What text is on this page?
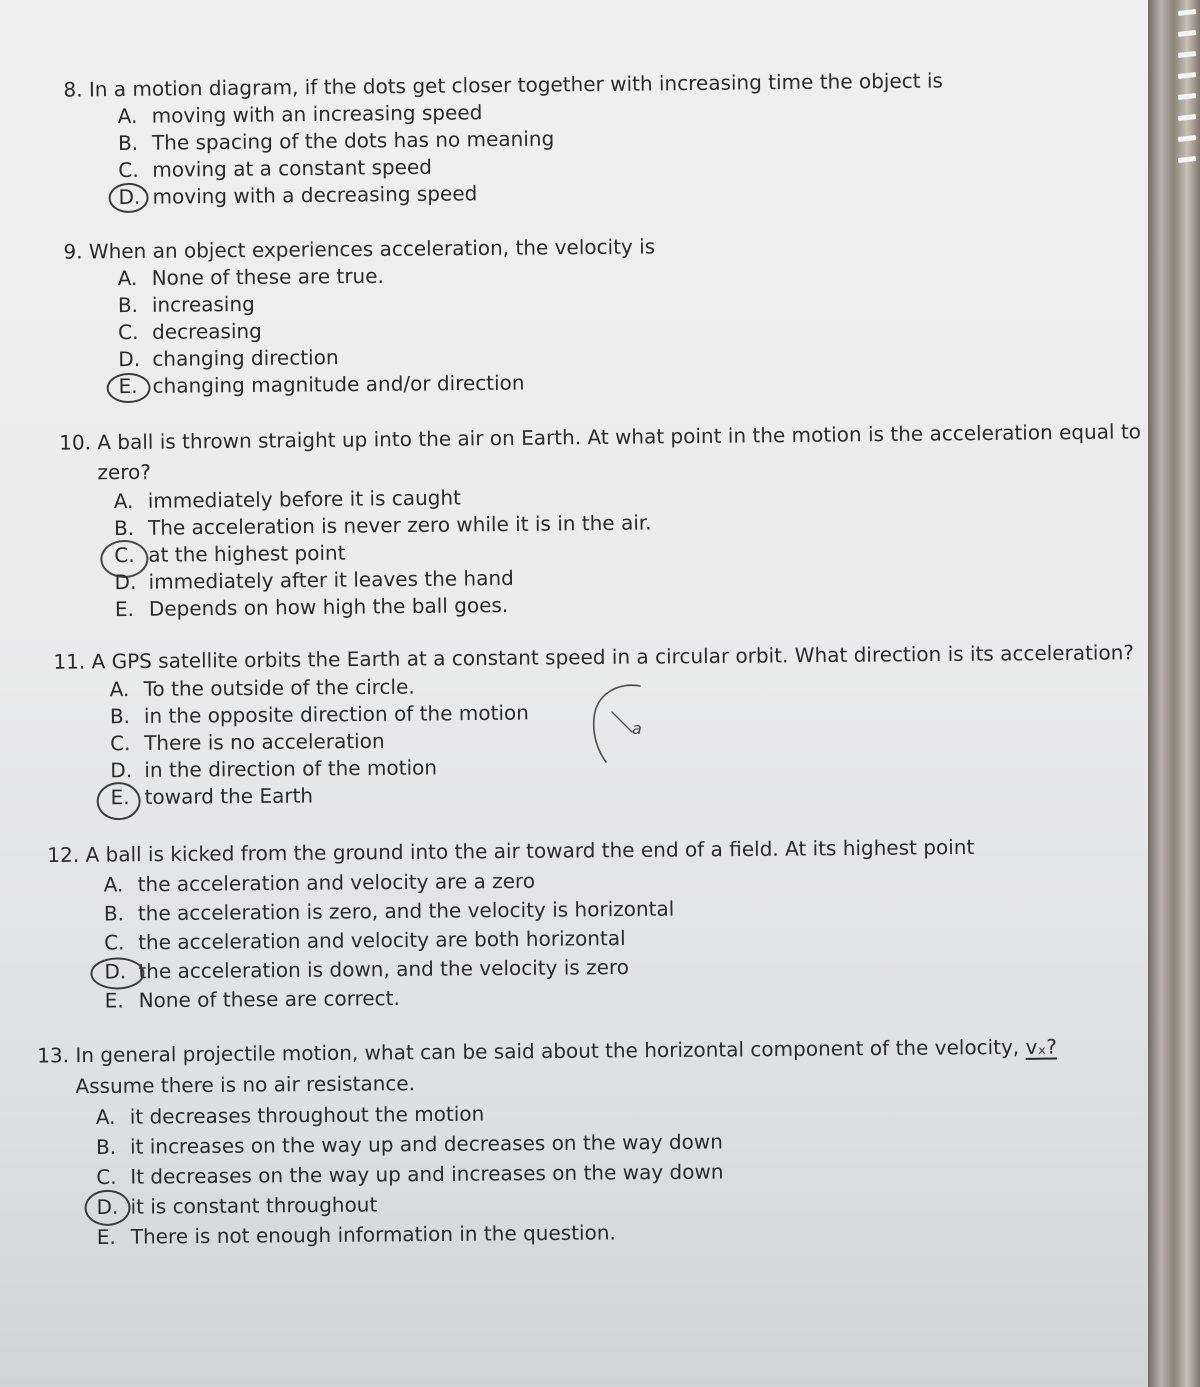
8. In a motion diagram, if the dots get closer together with increasing time the object is
A. moving with an increasing speed
B. The spacing of the dots has no meaning
C. moving at a constant speed
D. moving with a decreasing speed
9. When an object experiences acceleration, the velocity is
A. None of these are true.
B. increasing
C. decreasing
D. changing direction
E. changing magnitude and/or direction
10. A ball is thrown straight up into the air on Earth. At what point in the motion is the acceleration equal to
zero?
A. immediately before it is caught
B. The acceleration is never zero while it is in the air.
C. at the highest point
D. immediately after it leaves the hand
E. Depends on how high the ball goes.
11. A GPS satellite orbits the Earth at a constant speed in a circular orbit. What direction is its acceleration?
A. To the outside of the circle.
B. in the opposite direction of the motion
C. There is no acceleration
D. in the direction of the motion
E. toward the Earth
a
12. A ball is kicked from the ground into the air toward the end of a field. At its highest point
A. the acceleration and velocity are a zero
B. the acceleration is zero, and the velocity is horizontal
C. the acceleration and velocity are both horizontal
D. the acceleration is down, and the velocity is zero
E. None of these are correct.
13. In general projectile motion, what can be said about the horizontal component of the velocity, vₓ?
Assume there is no air resistance.
A. it decreases throughout the motion
B. it increases on the way up and decreases on the way down
C. It decreases on the way up and increases on the way down
D. it is constant throughout
E. There is not enough information in the question.
